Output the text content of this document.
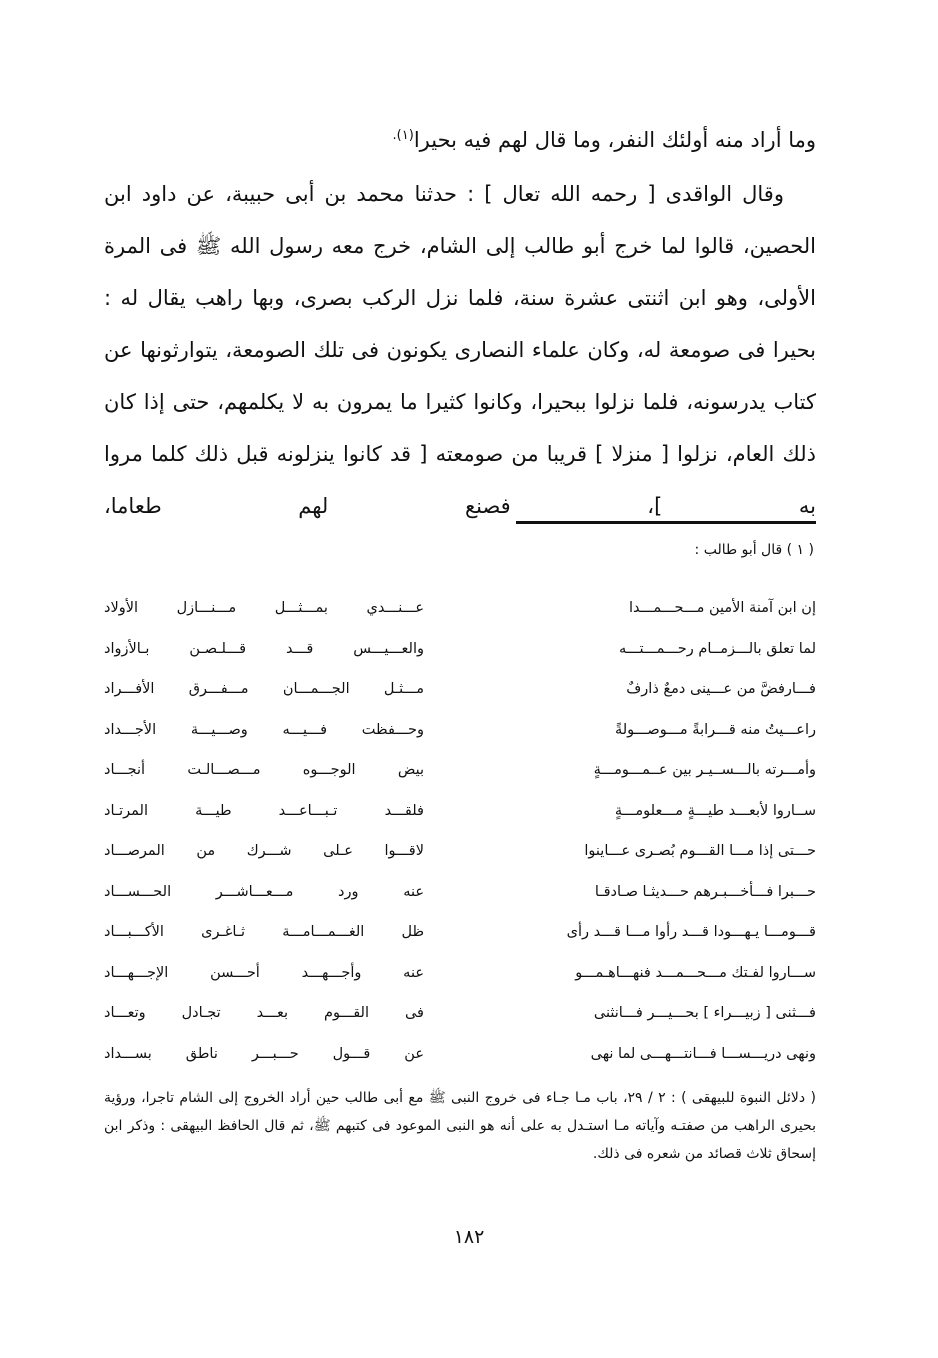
وما أراد منه أولئك النفر، وما قال لهم فيه بحيرا$^{(١).}$

وقال الواقدى [ رحمه الله تعال ] : حدثنا محمد بن أبى حبيبة، عن داود ابن الحصين، قالوا لما خرج أبو طالب إلى الشام، خرج معه رسول الله ﷺ فى المرة الأولى، وهو ابن اثنتى عشرة سنة، فلما نزل الركب بصرى، وبها راهب يقال له : بحيرا فى صومعة له، وكان علماء النصارى يكونون فى تلك الصومعة، يتوارثونها عن كتاب يدرسونه، فلما نزلوا ببحيرا، وكانوا كثيرا ما يمرون به لا يكلمهم، حتى إذا كان ذلك العام، نزلوا [ منزلا ] قريبا من صومعته [ قد كانوا ينزلونه قبل ذلك كلما مروا به ]، فصنع لهم طعاما،

( ١ ) قال أبو طالب :
إن ابن آمنة الأمين مـــحـــمـــدا
لما تعلق بالـــزمــام رحـــمـــتـــه
فـــارفضَّ من عـــينى دمعٌ ذارفٌ
راعـــيتُ منه قـــرابةً مـــوصـــولةً
وأمـــرته بالـــســيـر بين عــمـــومـــةٍ
ســاروا لأبعـــد طيـــةٍ مـــعلومـــةٍ
حـــتى إذا مـــا القـــوم بُصـرى عـــاينوا
حـــبرا فـــأخـــبـرهم حـــديثـا صـادقـا
قـــومـــا يـهـــودا قـــد رأوا مـــا قـــد رأى
ســـاروا لفـتك مـــحـــمـــد فنهـــاهـمـــو
فـــثنى [ زبيـــراء ] بحـــيـــر فـــانثنى
ونهى دريـــســـا فـــانتـــهـــى لما نهى
عـــنـــدي بمـــثـــل مـــنـــازل الأولاد
والعـــيـــس قـــد قـــلـصـن بـالأزواد
مـــثـل الجـــمـــان مـــفـــرق الأفـــراد
وحـــفظت فـــيـــه وصـــيـــة الأجـــداد
بيض الوجـــوه مـــصـــالـت أنجـــاد
فلقـــد تـبـــاعـــد طيـــة المرتـاد
لاقـــوا عـلى شـــرك من المرصـــاد
عنه ورد مـــعـــاشـــر الحـــســـاد
ظل الغـــمـــامـــة ثـاغـرى الأكـــبـــاد
عنه وأجـــهـــد أحـــسن الإجـــهـــاد
فى القـــوم بعـــد تجـادل وتعـــاد
عن قـــول حـــبـــر ناطق بســـداد
( دلائل النبوة للبيهقى ) : ٢ / ٢٩، باب مـا جـاء فى خروج النبى ﷺ مع أبى طالب حين أراد الخروج إلى الشام تاجرا، ورؤية بحيرى الراهب من صفتـه وآياته مـا استـدل به على أنه هو النبى الموعود فى كتبهم ﷺ، ثم قال الحافظ البيهقى : وذكر ابن إسحاق ثلاث قصائد من شعره فى ذلك.
١٨٢
